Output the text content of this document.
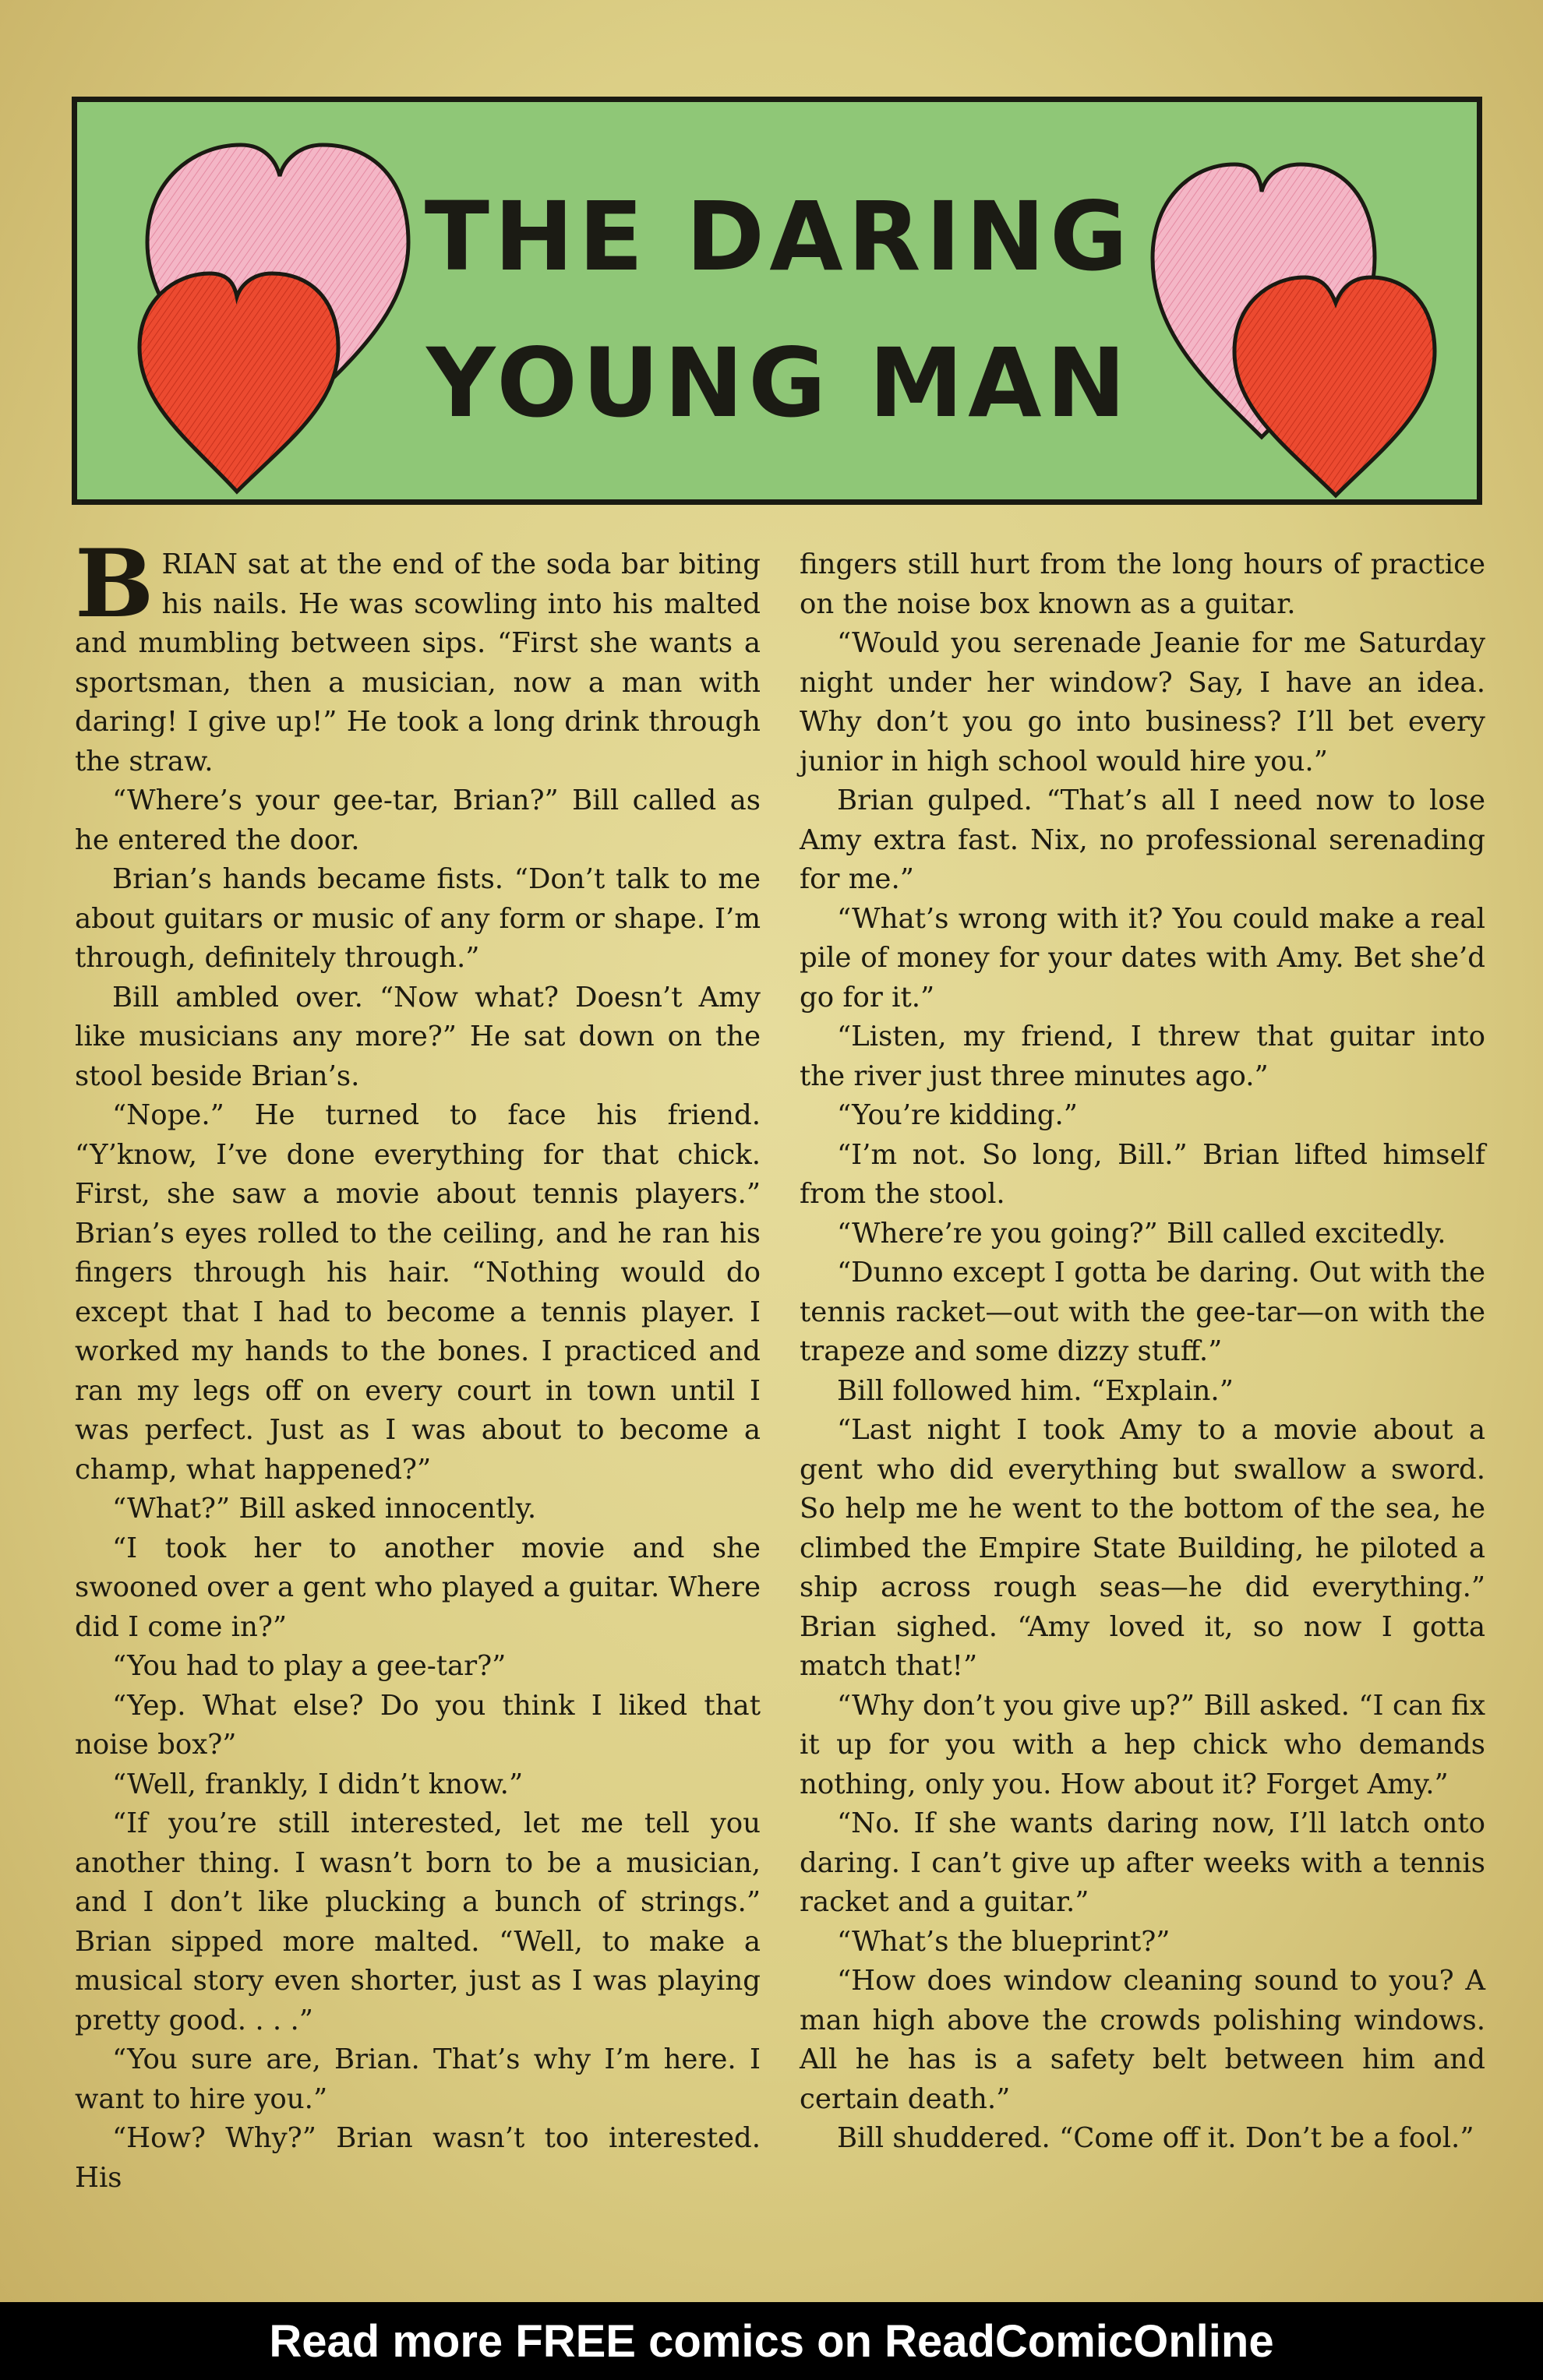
THE DARING
YOUNG MAN

BRIAN sat at the end of the soda bar biting his nails. He was scowling into his malted and mumbling between sips. “First she wants a sportsman, then a musician, now a man with daring! I give up!” He took a long drink through the straw.

“Where’s your gee-tar, Brian?” Bill called as he entered the door.

Brian’s hands became fists. “Don’t talk to me about guitars or music of any form or shape. I’m through, definitely through.”

Bill ambled over. “Now what? Doesn’t Amy like musicians any more?” He sat down on the stool beside Brian’s.

“Nope.” He turned to face his friend. “Y’know, I’ve done everything for that chick. First, she saw a movie about tennis players.” Brian’s eyes rolled to the ceiling, and he ran his fingers through his hair. “Nothing would do except that I had to become a tennis player. I worked my hands to the bones. I practiced and ran my legs off on every court in town until I was perfect. Just as I was about to become a champ, what happened?”

“What?” Bill asked innocently.

“I took her to another movie and she swooned over a gent who played a guitar. Where did I come in?”

“You had to play a gee-tar?”

“Yep. What else? Do you think I liked that noise box?”

“Well, frankly, I didn’t know.”

“If you’re still interested, let me tell you another thing. I wasn’t born to be a musician, and I don’t like plucking a bunch of strings.” Brian sipped more malted. “Well, to make a musical story even shorter, just as I was playing pretty good. . . .”

“You sure are, Brian. That’s why I’m here. I want to hire you.”

“How? Why?” Brian wasn’t too interested. His

fingers still hurt from the long hours of practice on the noise box known as a guitar.

“Would you serenade Jeanie for me Saturday night under her window? Say, I have an idea. Why don’t you go into business? I’ll bet every junior in high school would hire you.”

Brian gulped. “That’s all I need now to lose Amy extra fast. Nix, no professional serenading for me.”

“What’s wrong with it? You could make a real pile of money for your dates with Amy. Bet she’d go for it.”

“Listen, my friend, I threw that guitar into the river just three minutes ago.”

“You’re kidding.”

“I’m not. So long, Bill.” Brian lifted himself from the stool.

“Where’re you going?” Bill called excitedly.

“Dunno except I gotta be daring. Out with the tennis racket—out with the gee-tar—on with the trapeze and some dizzy stuff.”

Bill followed him. “Explain.”

“Last night I took Amy to a movie about a gent who did everything but swallow a sword. So help me he went to the bottom of the sea, he climbed the Empire State Building, he piloted a ship across rough seas—he did everything.” Brian sighed. “Amy loved it, so now I gotta match that!”

“Why don’t you give up?” Bill asked. “I can fix it up for you with a hep chick who demands nothing, only you. How about it? Forget Amy.”

“No. If she wants daring now, I’ll latch onto daring. I can’t give up after weeks with a tennis racket and a guitar.”

“What’s the blueprint?”

“How does window cleaning sound to you? A man high above the crowds polishing windows. All he has is a safety belt between him and certain death.”

Bill shuddered. “Come off it. Don’t be a fool.”

Read more FREE comics on ReadComicOnline
